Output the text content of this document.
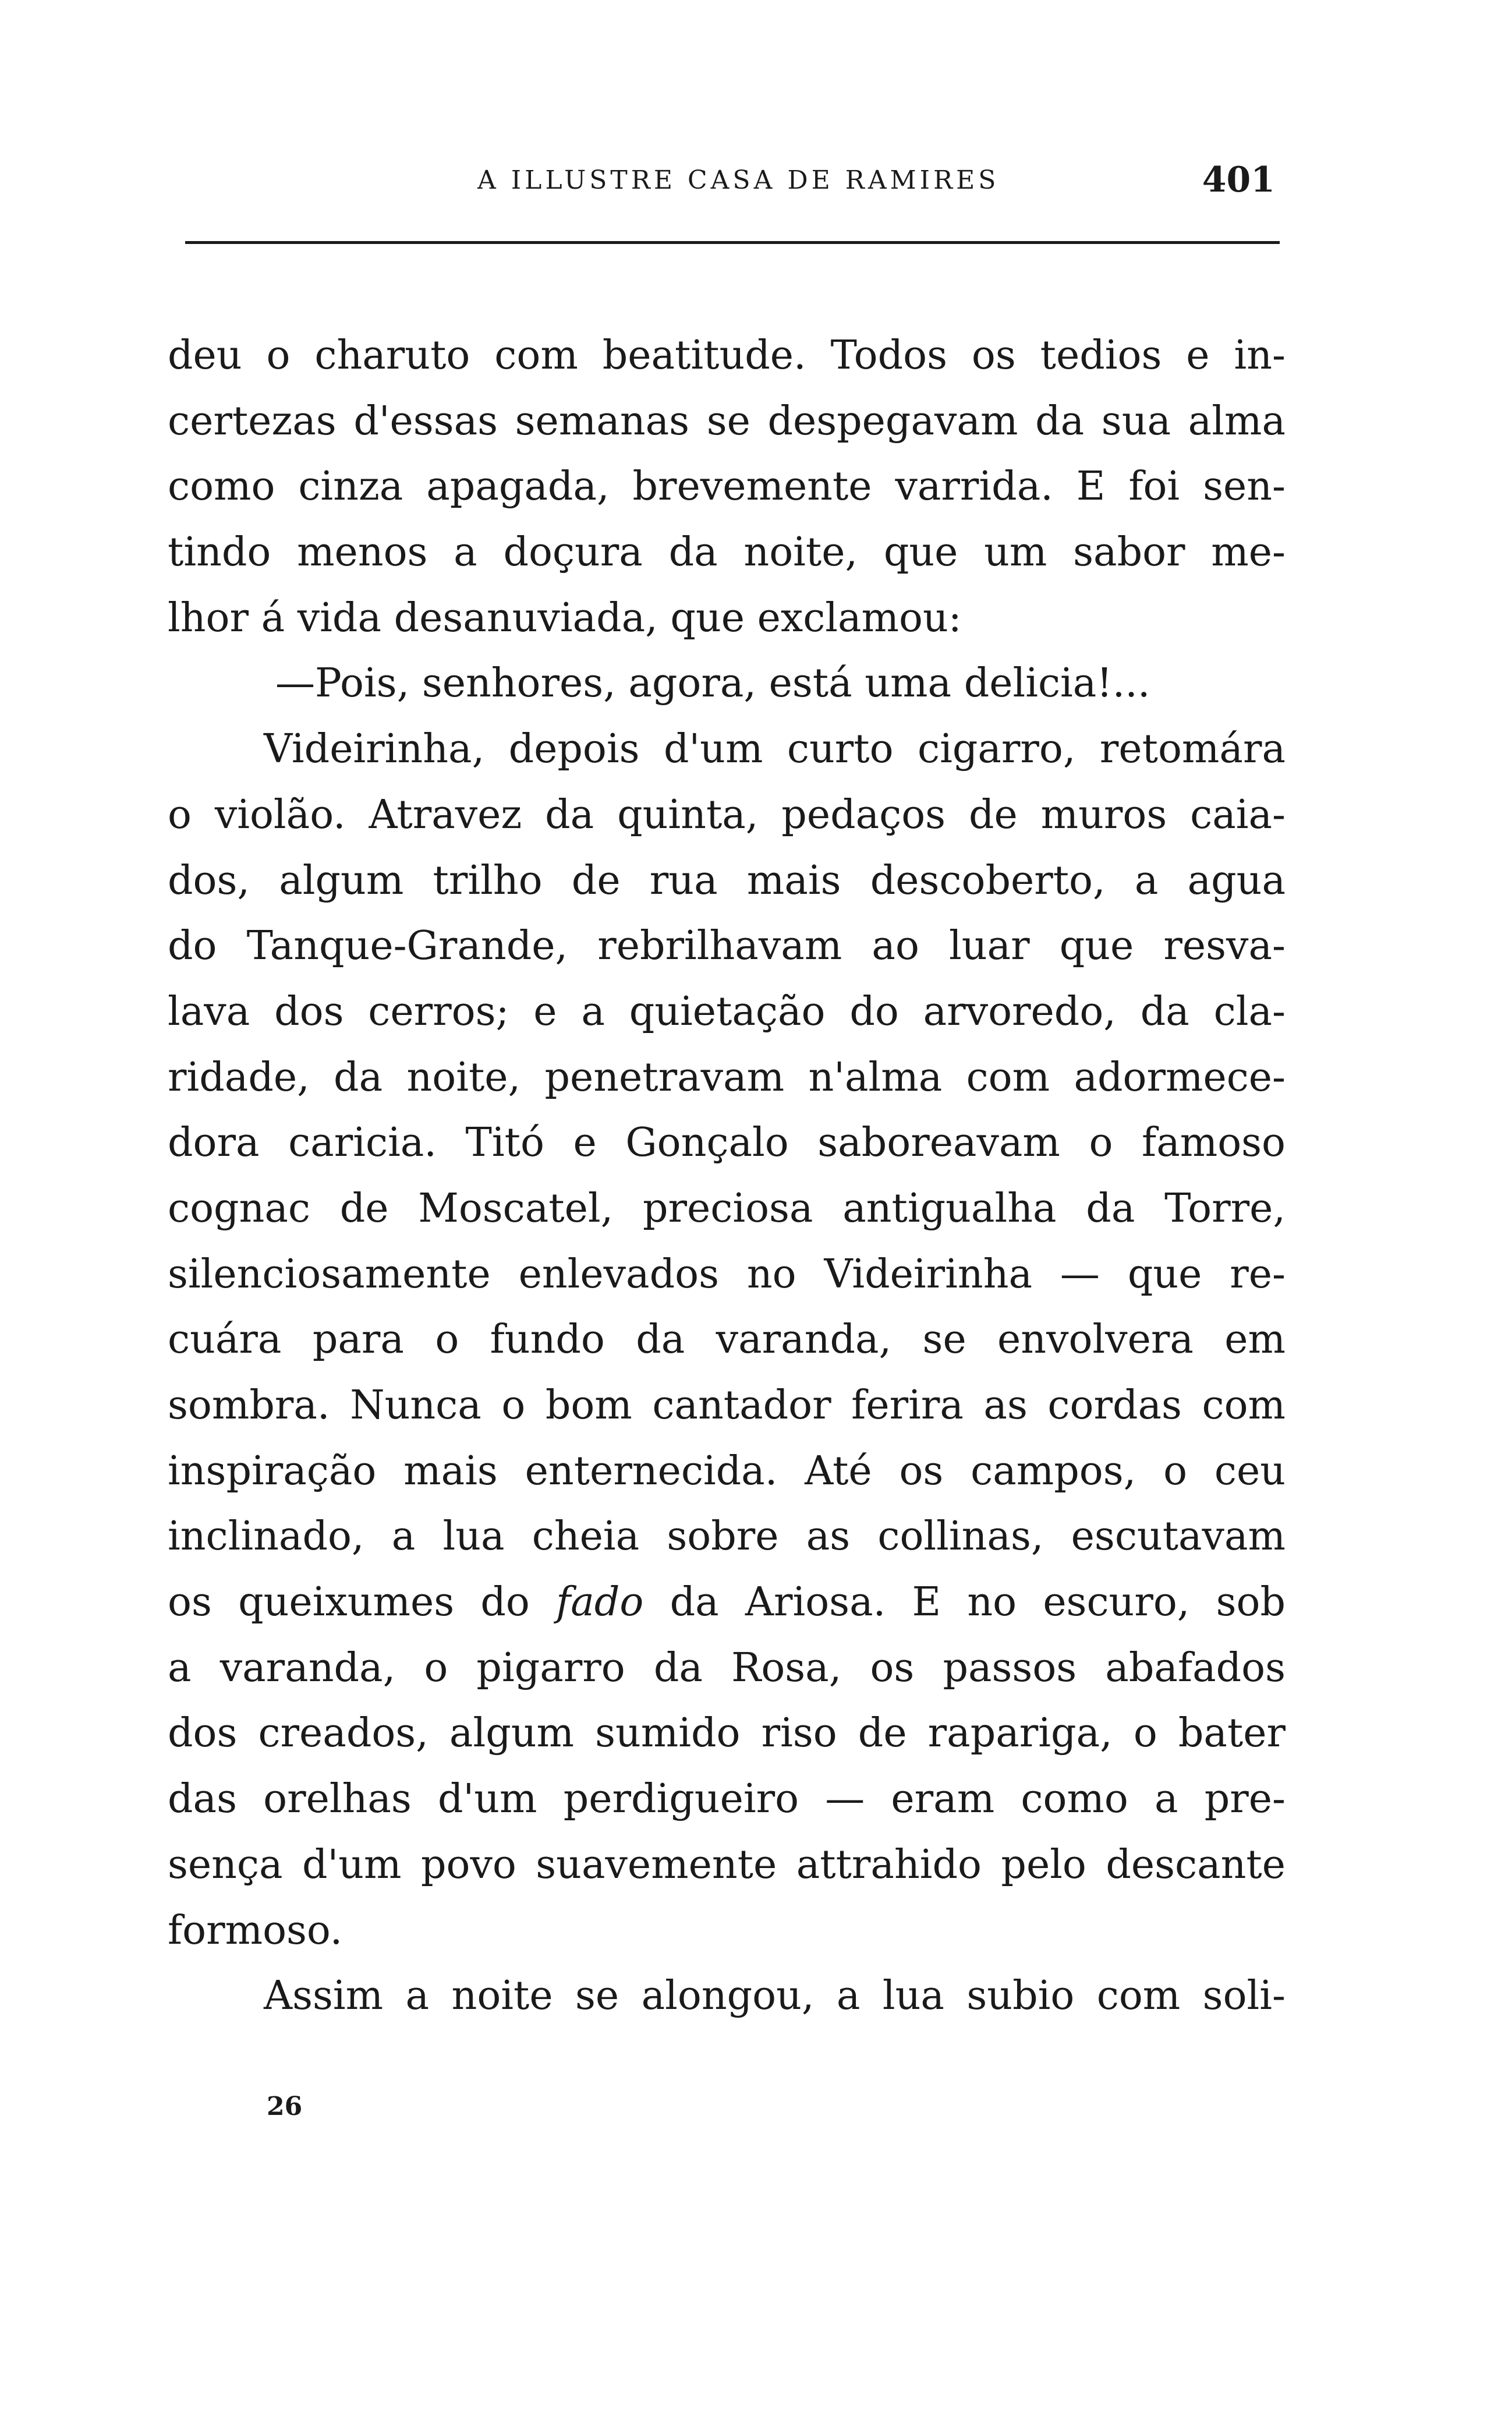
A ILLUSTRE CASA DE RAMIRES	401
deu o charuto com beatitude. Todos os tedios e in-
certezas d'essas semanas se despegavam da sua alma
como cinza apagada, brevemente varrida. E foi sen-
tindo menos a doçura da noite, que um sabor me-
lhor á vida desanuviada, que exclamou:
—Pois, senhores, agora, está uma delicia!...
Videirinha, depois d'um curto cigarro, retomára
o violão. Atravez da quinta, pedaços de muros caia-
dos, algum trilho de rua mais descoberto, a agua
do Tanque-Grande, rebrilhavam ao luar que resva-
lava dos cerros; e a quietação do arvoredo, da cla-
ridade, da noite, penetravam n'alma com adormece-
dora caricia. Titó e Gonçalo saboreavam o famoso
cognac de Moscatel, preciosa antigualha da Torre,
silenciosamente enlevados no Videirinha — que re-
cuára para o fundo da varanda, se envolvera em
sombra. Nunca o bom cantador ferira as cordas com
inspiração mais enternecida. Até os campos, o ceu
inclinado, a lua cheia sobre as collinas, escutavam
os queixumes do fado da Ariosa. E no escuro, sob
a varanda, o pigarro da Rosa, os passos abafados
dos creados, algum sumido riso de rapariga, o bater
das orelhas d'um perdigueiro — eram como a pre-
sença d'um povo suavemente attrahido pelo descante
formoso.
Assim a noite se alongou, a lua subio com soli-
26
